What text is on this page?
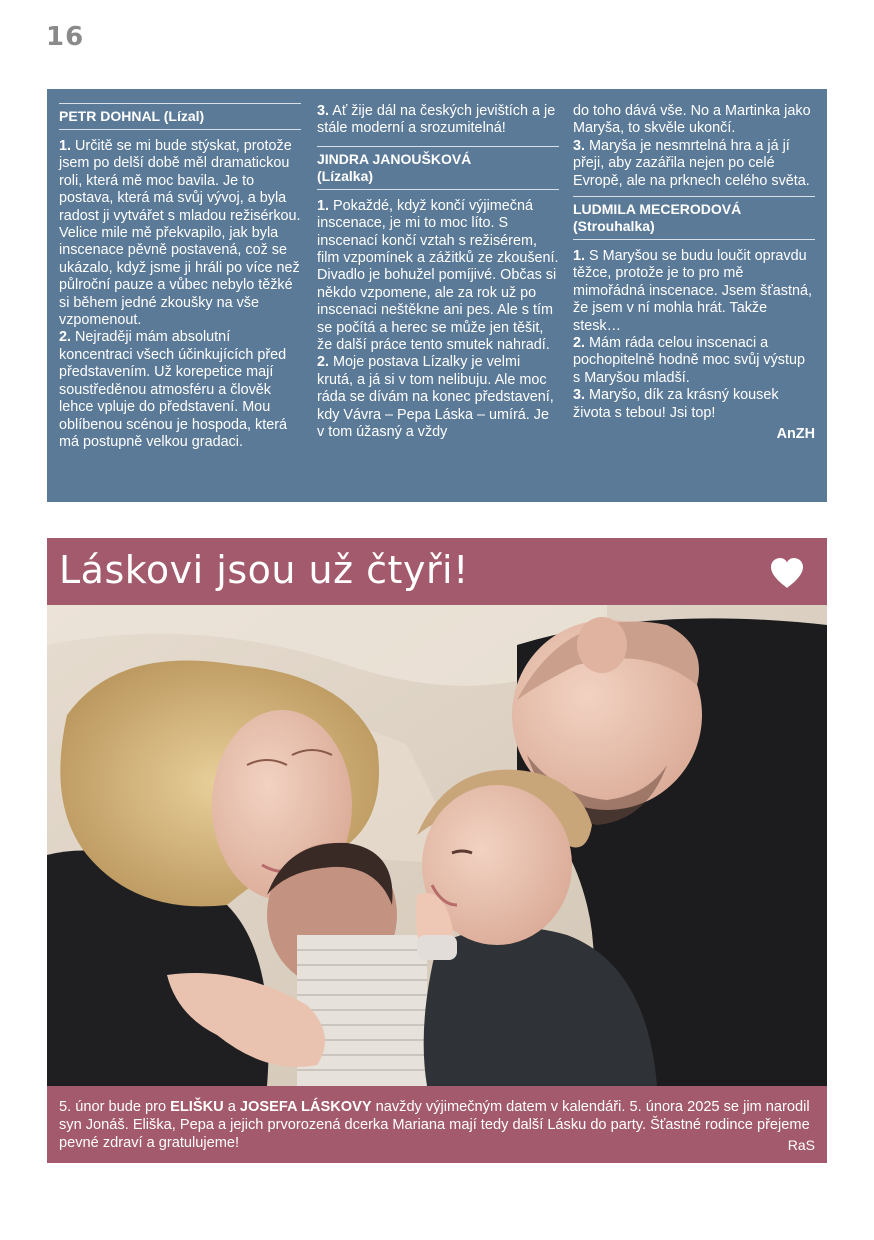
16
PETR DOHNAL (Lízal)

1. Určitě se mi bude stýskat, protože jsem po delší době měl dramatickou roli, která mě moc bavila. Je to postava, která má svůj vývoj, a byla radost ji vytvářet s mladou režisérkou. Velice mile mě překvapilo, jak byla inscenace pěvně postavená, což se ukázalo, když jsme ji hráli po více než půlroční pauze a vůbec nebylo těžké si během jedné zkoušky na vše vzpomenout.

2. Nejraději mám absolutní koncentraci všech účinkujících před představením. Už korepetice mají soustředěnou atmosféru a člověk lehce vpluje do představení. Mou oblíbenou scénou je hospoda, která má postupně velkou gradaci.

3. Ať žije dál na českých jevištích a je stále moderní a srozumitelná!

JINDRA JANOUŠKOVÁ
(Lízalka)

1. Pokaždé, když končí výjimečná inscenace, je mi to moc líto. S inscenací končí vztah s režisérem, film vzpomínek a zážitků ze zkoušení. Divadlo je bohužel pomíjivé. Občas si někdo vzpomene, ale za rok už po inscenaci neštěkne ani pes. Ale s tím se počítá a herec se může jen těšit, že další práce tento smutek nahradí.

2. Moje postava Lízalky je velmi krutá, a já si v tom nelibuju. Ale moc ráda se dívám na konec představení, kdy Vávra – Pepa Láska – umírá. Je v tom úžasný a vždy

do toho dává vše. No a Martinka jako Maryša, to skvěle ukončí.

3. Maryša je nesmrtelná hra a já jí přeji, aby zazářila nejen po celé Evropě, ale na prknech celého světa.

LUDMILA MECERODOVÁ
(Strouhalka)

1. S Maryšou se budu loučit opravdu těžce, protože je to pro mě mimořádná inscenace. Jsem šťastná, že jsem v ní mohla hrát. Takže stesk…

2. Mám ráda celou inscenaci a pochopitelně hodně moc svůj výstup s Maryšou mladší.

3. Maryšo, dík za krásný kousek života s tebou! Jsi top!

AnZH
Láskovi jsou už čtyři!
5. únor bude pro ELIŠKU a JOSEFA LÁSKOVY navždy výjimečným datem v kalendáři. 5. února 2025 se jim narodil syn Jonáš. Eliška, Pepa a jejich prvorozená dcerka Mariana mají tedy další Lásku do party. Šťastné rodince přejeme pevné zdraví a gratulujeme!	RaS
